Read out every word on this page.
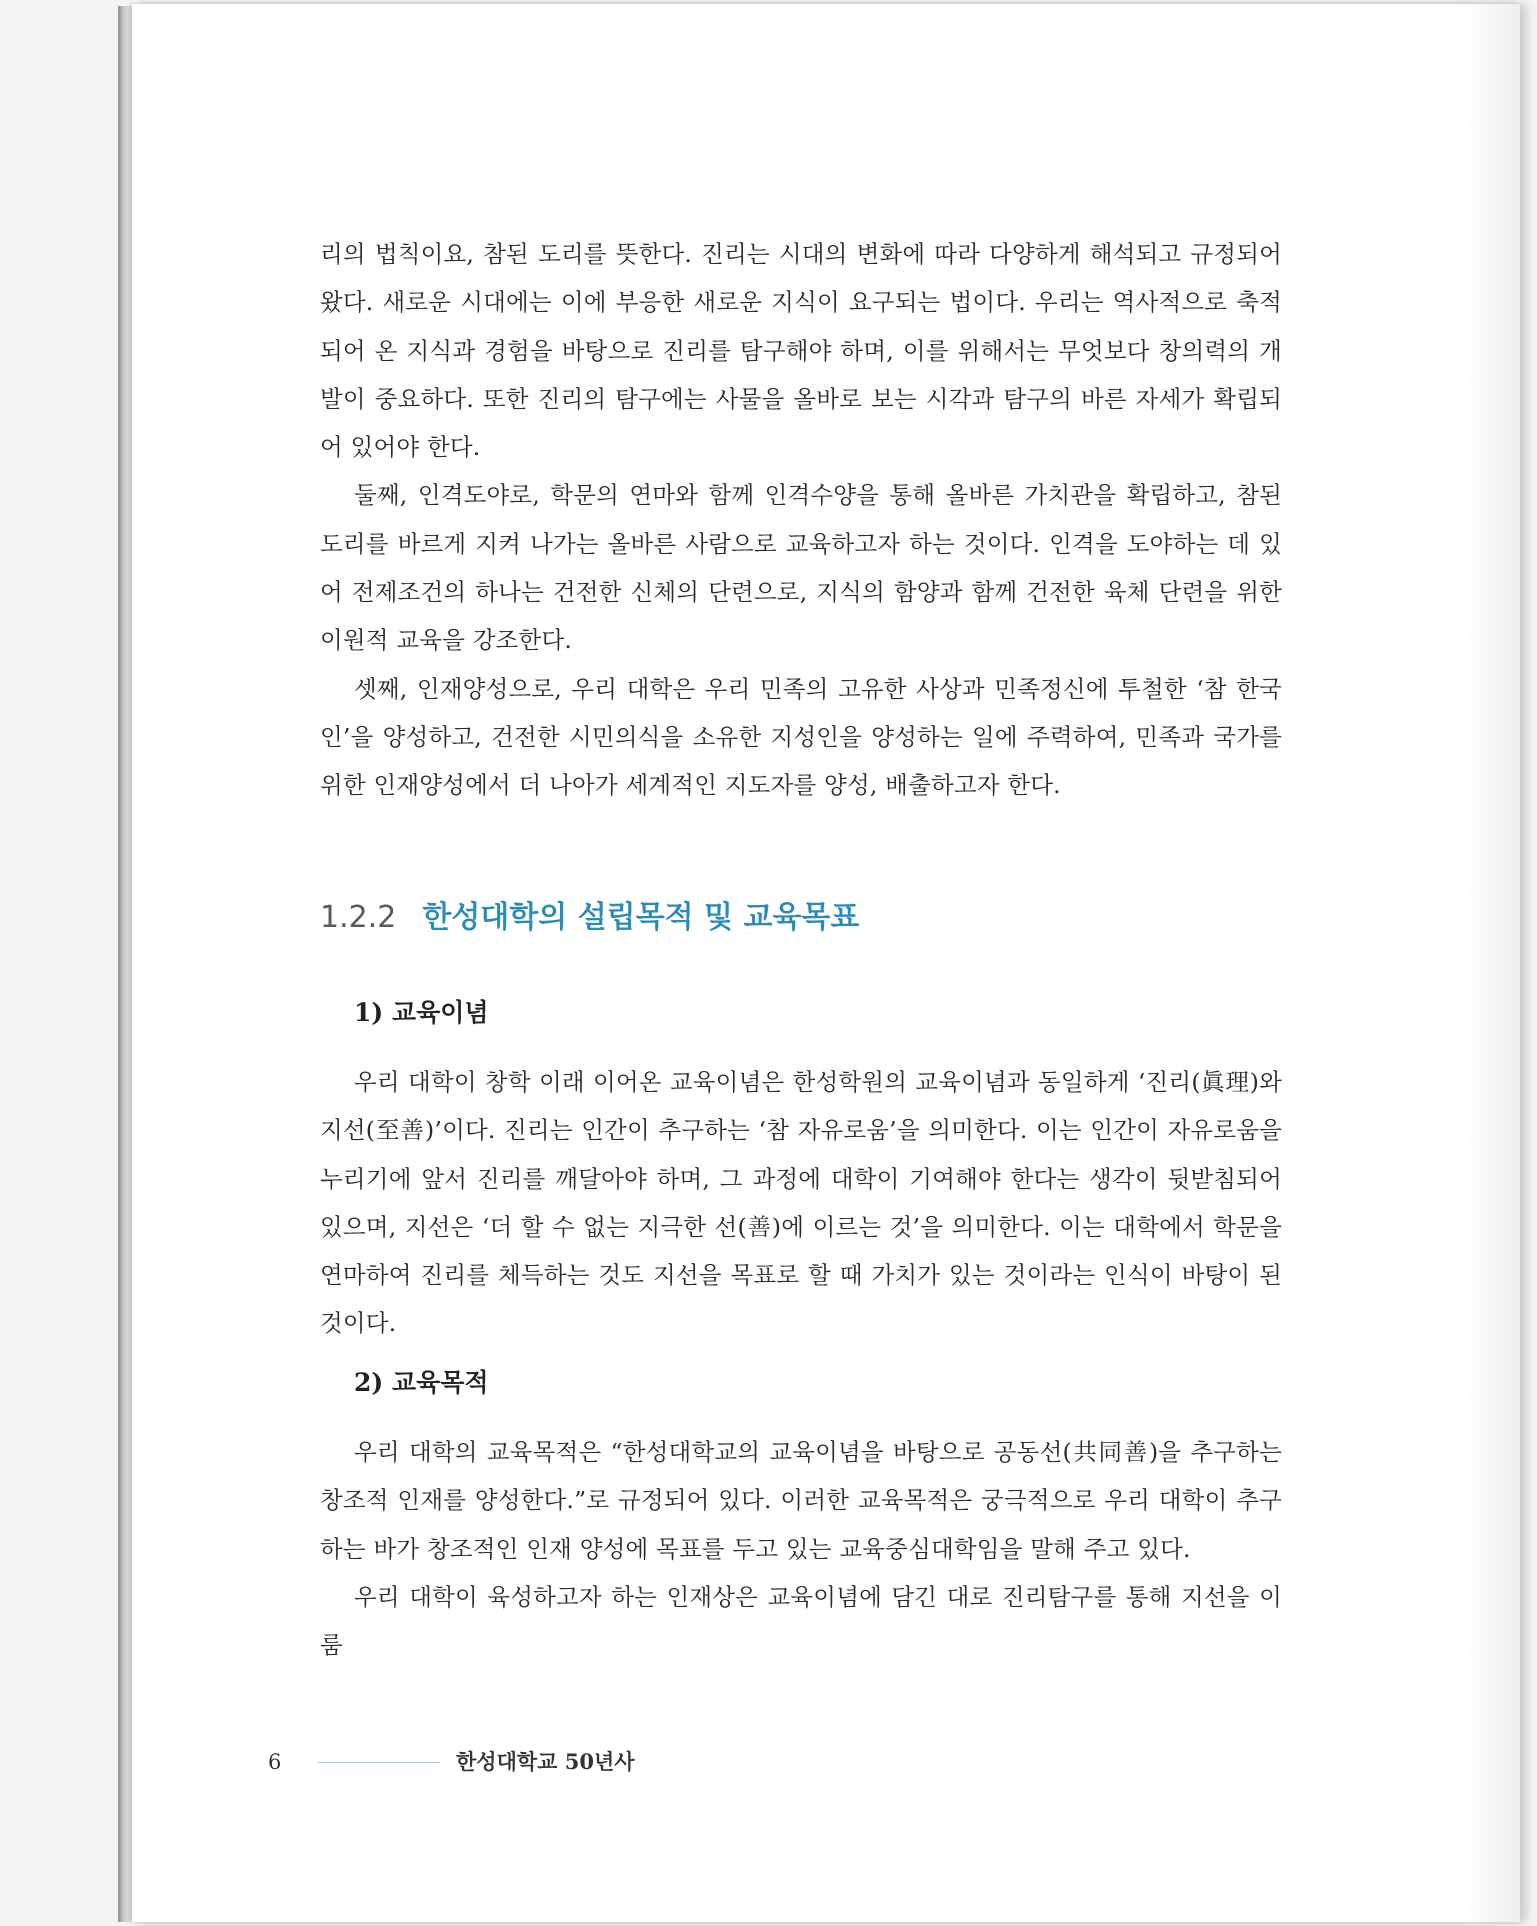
리의 법칙이요, 참된 도리를 뜻한다. 진리는 시대의 변화에 따라 다양하게 해석되고 규정되어 왔다. 새로운 시대에는 이에 부응한 새로운 지식이 요구되는 법이다. 우리는 역사적으로 축적되어 온 지식과 경험을 바탕으로 진리를 탐구해야 하며, 이를 위해서는 무엇보다 창의력의 개발이 중요하다. 또한 진리의 탐구에는 사물을 올바로 보는 시각과 탐구의 바른 자세가 확립되어 있어야 한다.

둘째, 인격도야로, 학문의 연마와 함께 인격수양을 통해 올바른 가치관을 확립하고, 참된 도리를 바르게 지켜 나가는 올바른 사람으로 교육하고자 하는 것이다. 인격을 도야하는 데 있어 전제조건의 하나는 건전한 신체의 단련으로, 지식의 함양과 함께 건전한 육체 단련을 위한 이원적 교육을 강조한다.

셋째, 인재양성으로, 우리 대학은 우리 민족의 고유한 사상과 민족정신에 투철한 ‘참 한국인’을 양성하고, 건전한 시민의식을 소유한 지성인을 양성하는 일에 주력하여, 민족과 국가를 위한 인재양성에서 더 나아가 세계적인 지도자를 양성, 배출하고자 한다.

1.2.2 한성대학의 설립목적 및 교육목표
1) 교육이념

우리 대학이 창학 이래 이어온 교육이념은 한성학원의 교육이념과 동일하게 ‘진리(眞理)와 지선(至善)’이다. 진리는 인간이 추구하는 ‘참 자유로움’을 의미한다. 이는 인간이 자유로움을 누리기에 앞서 진리를 깨달아야 하며, 그 과정에 대학이 기여해야 한다는 생각이 뒷받침되어 있으며, 지선은 ‘더 할 수 없는 지극한 선(善)에 이르는 것’을 의미한다. 이는 대학에서 학문을 연마하여 진리를 체득하는 것도 지선을 목표로 할 때 가치가 있는 것이라는 인식이 바탕이 된 것이다.

2) 교육목적

우리 대학의 교육목적은 “한성대학교의 교육이념을 바탕으로 공동선(共同善)을 추구하는 창조적 인재를 양성한다.”로 규정되어 있다. 이러한 교육목적은 궁극적으로 우리 대학이 추구하는 바가 창조적인 인재 양성에 목표를 두고 있는 교육중심대학임을 말해 주고 있다.

우리 대학이 육성하고자 하는 인재상은 교육이념에 담긴 대로 진리탐구를 통해 지선을 이룸

6	한성대학교 50년사
